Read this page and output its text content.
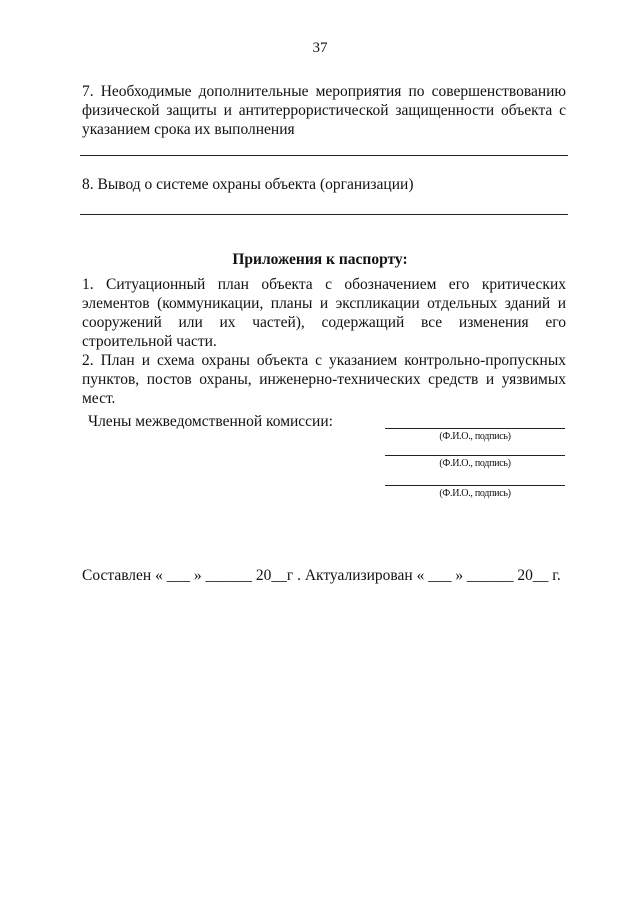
37
7. Необходимые дополнительные мероприятия по совершенствованию физической защиты и антитеррористической защищенности объекта с указанием срока их выполнения
8. Вывод о системе охраны объекта (организации)
Приложения к паспорту:

1. Ситуационный план объекта с обозначением его критических элементов (коммуникации, планы и экспликации отдельных зданий и сооружений или их частей), содержащий все изменения его строительной части.

2. План и схема охраны объекта с указанием контрольно-пропускных пунктов, постов охраны, инженерно-технических средств и уязвимых мест.

Члены межведомственной комиссии:
(Ф.И.О., подпись)
(Ф.И.О., подпись)
(Ф.И.О., подпись)
Составлен « ___ » ______ 20__г . Актуализирован « ___ » ______ 20__ г.
